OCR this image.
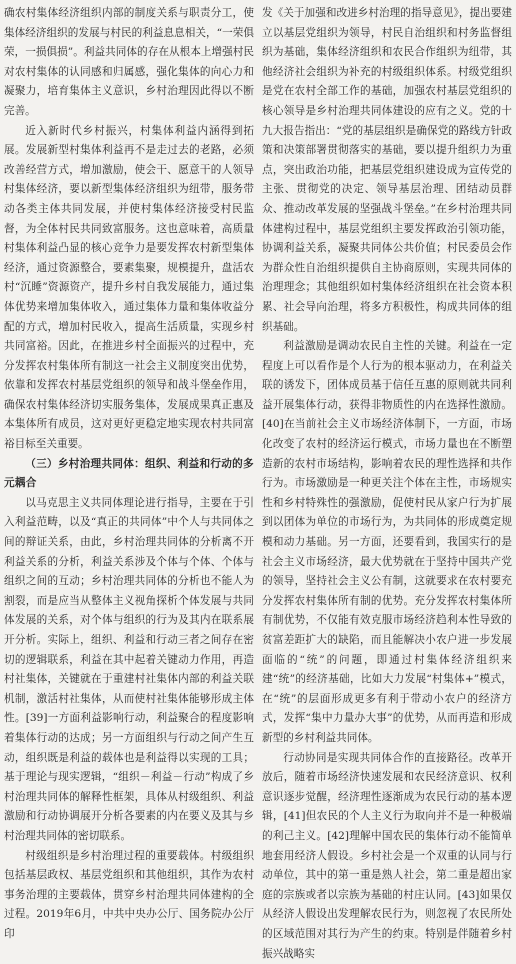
确农村集体经济组织内部的制度关系与职责分工，使集体经济组织的发展与村民的利益息息相关，“一荣俱荣，一损俱损”。利益共同体的存在从根本上增强村民对农村集体的认同感和归属感，强化集体的向心力和凝聚力，培育集体主义意识，乡村治理因此得以不断完善。

近入新时代乡村振兴，村集体利益内涵得到拓展。发展新型村集体利益再不是走过去的老路，必须改善经营方式，增加激励，使会干、愿意干的人领导村集体经济，要以新型集体经济组织为纽带，服务带动各类主体共同发展，并使村集体经济接受村民监督，为全体村民共同致富服务。这也意味着，高质量村集体利益凸显的核心竞争力是要发挥农村新型集体经济，通过资源整合，要素集聚，规模提升，盘活农村“沉睡”资源资产，提升乡村自我发展能力，通过集体优势来增加集体收入，通过集体力量和集体收益分配的方式，增加村民收入，提高生活质量，实现乡村共同富裕。因此，在推进乡村全面振兴的过程中，充分发挥农村集体所有制这一社会主义制度突出优势，依靠和发挥农村基层党组织的领导和战斗堡垒作用，确保农村集体经济切实服务集体，发展成果真正惠及本集体所有成员，这对更好更稳定地实现农村共同富裕目标至关重要。

（三）乡村治理共同体：组织、利益和行动的多元耦合

以马克思主义共同体理论进行指导，主要在于引入利益范畴，以及“真正的共同体”中个人与共同体之间的辩证关系，由此，乡村治理共同体的分析离不开利益关系的分析，利益关系涉及个体与个体、个体与组织之间的互动；乡村治理共同体的分析也不能人为割裂，而是应当从整体主义视角探析个体发展与共同体发展的关系，对个体与组织的行为及其内在联系展开分析。实际上，组织、利益和行动三者之间存在密切的逻辑联系，利益在其中起着关键动力作用，再造村社集体，关键就在于重建村社集体内部的利益关联机制，激活村社集体，从而使村社集体能够形成主体性。[39]一方面利益影响行动，利益聚合的程度影响着集体行动的达成；另一方面组织与行动之间产生互动，组织既是利益的载体也是利益得以实现的工具；基于理论与现实逻辑，“组织－利益－行动”构成了乡村治理共同体的解释性框架，具体从村级组织、利益激励和行动协调展开分析各要素的内在要义及其与乡村治理共同体的密切联系。

村级组织是乡村治理过程的重要载体。村级组织包括基层政权、基层党组织和其他组织，其作为农村事务治理的主要载体，贯穿乡村治理共同体建构的全过程。2019年6月，中共中央办公厅、国务院办公厅印

发《关于加强和改进乡村治理的指导意见》，提出要建立以基层党组织为领导，村民自治组织和村务监督组织为基础，集体经济组织和农民合作组织为纽带，其他经济社会组织为补充的村级组织体系。村级党组织是党在农村全部工作的基础，加强农村基层党组织的核心领导是乡村治理共同体建设的应有之义。党的十九大报告指出：“党的基层组织是确保党的路线方针政策和决策部署贯彻落实的基础，要以提升组织力为重点，突出政治功能，把基层党组织建设成为宣传党的主张、贯彻党的决定、领导基层治理、团结动员群众、推动改革发展的坚强战斗堡垒。”在乡村治理共同体建构过程中，基层党组织主要发挥政治引领功能，协调利益关系，凝聚共同体公共价值；村民委员会作为群众性自治组织提供自主协商原则，实现共同体的治理理念；其他组织如村集体经济组织在社会资本积累、社会导向治理，将多方积极性，构成共同体的组织基础。

利益激励是调动农民自主性的关键。利益在一定程度上可以看作是个人行为的根本驱动力，在利益关联的诱发下，团体成员基于信任互惠的原则就共同利益开展集体行动，获得非物质性的内在选择性激励。[40]在当前社会主义市场经济体制下，一方面，市场化改变了农村的经济运行模式，市场力量也在不断塑造新的农村市场结构，影响着农民的理性选择和共作行为。市场激励是一种更关注个体在主性，市场规实性和乡村特殊性的强激励，促使村民从家户行为扩展到以团体为单位的市场行为，为共同体的形成奠定规模和动力基础。另一方面，还要看到，我国实行的是社会主义市场经济，最大优势就在于坚持中国共产党的领导，坚持社会主义公有制，这就要求在农村要充分发挥农村集体所有制的优势。充分发挥农村集体所有制优势，不仅能有效克服市场经济趋利本性导致的贫富差距扩大的缺陷，而且能解决小农户进一步发展面临的“统”的问题，即通过村集体经济组织来建“统”的经济基础，比如大力发展“村集体+”模式，在“统”的层面形成更多有利于带动小农户的经济方式，发挥“集中力量办大事”的优势，从而再造和形成新型的乡村利益共同体。

行动协同是实现共同体合作的直接路径。改革开放后，随着市场经济快速发展和农民经济意识、权利意识逐步觉醒，经济理性逐渐成为农民行动的基本逻辑，[41]但农民的个人主义行为取向并不是一种极端的利己主义。[42]理解中国农民的集体行动不能简单地套用经济人假设。乡村社会是一个双重的认同与行动单位，其中的第一重是熟人社会，第二重是超出家庭的宗族或者以宗族为基础的村庄认同。[43]如果仅从经济人假设出发理解农民行为，则忽视了农民所处的区域范围对其行为产生的约束。特别是伴随着乡村振兴战略实
